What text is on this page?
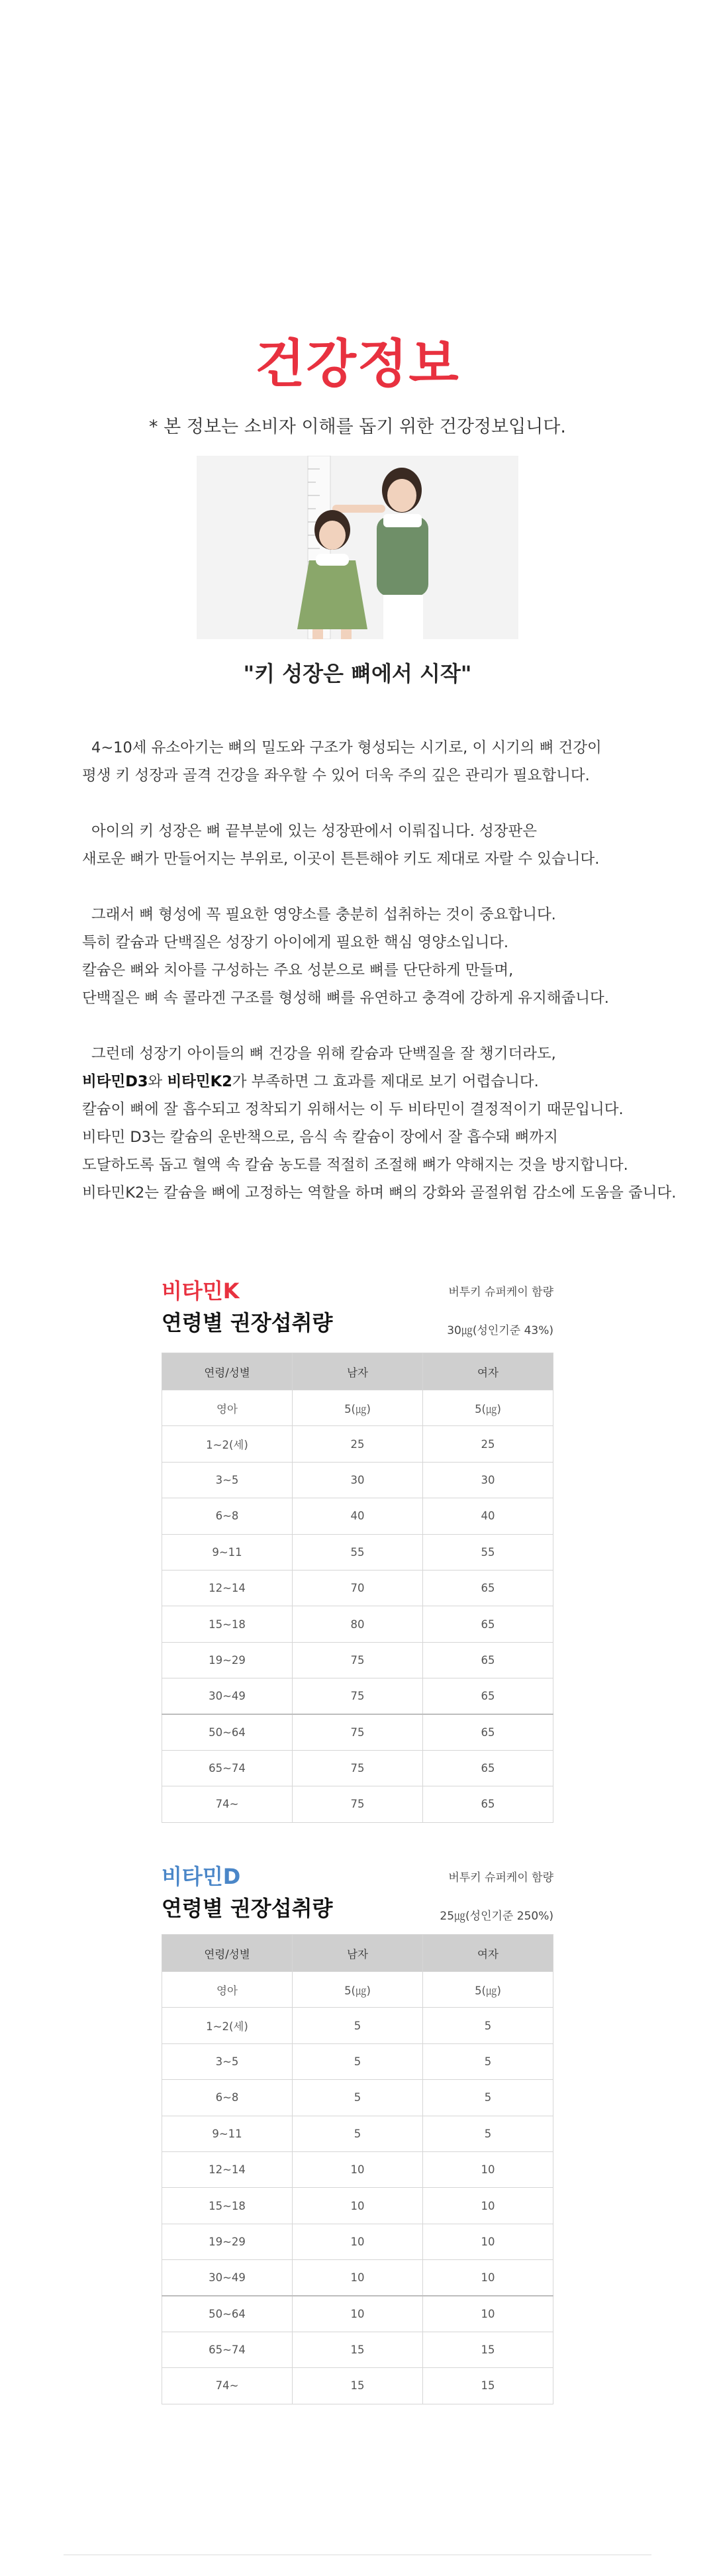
건강정보
* 본 정보는 소비자 이해를 돕기 위한 건강정보입니다.
"키 성장은 뼈에서 시작"
4~10세 유소아기는 뼈의 밀도와 구조가 형성되는 시기로, 이 시기의 뼈 건강이
평생 키 성장과 골격 건강을 좌우할 수 있어 더욱 주의 깊은 관리가 필요합니다.
아이의 키 성장은 뼈 끝부분에 있는 성장판에서 이뤄집니다. 성장판은
새로운 뼈가 만들어지는 부위로, 이곳이 튼튼해야 키도 제대로 자랄 수 있습니다.
그래서 뼈 형성에 꼭 필요한 영양소를 충분히 섭취하는 것이 중요합니다.
특히 칼슘과 단백질은 성장기 아이에게 필요한 핵심 영양소입니다.
칼슘은 뼈와 치아를 구성하는 주요 성분으로 뼈를 단단하게 만들며,
단백질은 뼈 속 콜라겐 구조를 형성해 뼈를 유연하고 충격에 강하게 유지해줍니다.
그런데 성장기 아이들의 뼈 건강을 위해 칼슘과 단백질을 잘 챙기더라도,
비타민D3와 비타민K2가 부족하면 그 효과를 제대로 보기 어렵습니다.
칼슘이 뼈에 잘 흡수되고 정착되기 위해서는 이 두 비타민이 결정적이기 때문입니다.
비타민 D3는 칼슘의 운반책으로, 음식 속 칼슘이 장에서 잘 흡수돼 뼈까지
도달하도록 돕고 혈액 속 칼슘 농도를 적절히 조절해 뼈가 약해지는 것을 방지합니다.
비타민K2는 칼슘을 뼈에 고정하는 역할을 하며 뼈의 강화와 골절위험 감소에 도움을 줍니다.
비타민K
연령별 권장섭취량
버투키 슈퍼케이 함량
30㎍(성인기준 43%)
연령/성별	남자	여자
영아	5(㎍)	5(㎍)
1~2(세)	25	25
3~5	30	30
6~8	40	40
9~11	55	55
12~14	70	65
15~18	80	65
19~29	75	65
30~49	75	65
50~64	75	65
65~74	75	65
74~	75	65
비타민D
연령별 권장섭취량
버투키 슈퍼케이 함량
25㎍(성인기준 250%)
연령/성별	남자	여자
영아	5(㎍)	5(㎍)
1~2(세)	5	5
3~5	5	5
6~8	5	5
9~11	5	5
12~14	10	10
15~18	10	10
19~29	10	10
30~49	10	10
50~64	10	10
65~74	15	15
74~	15	15
